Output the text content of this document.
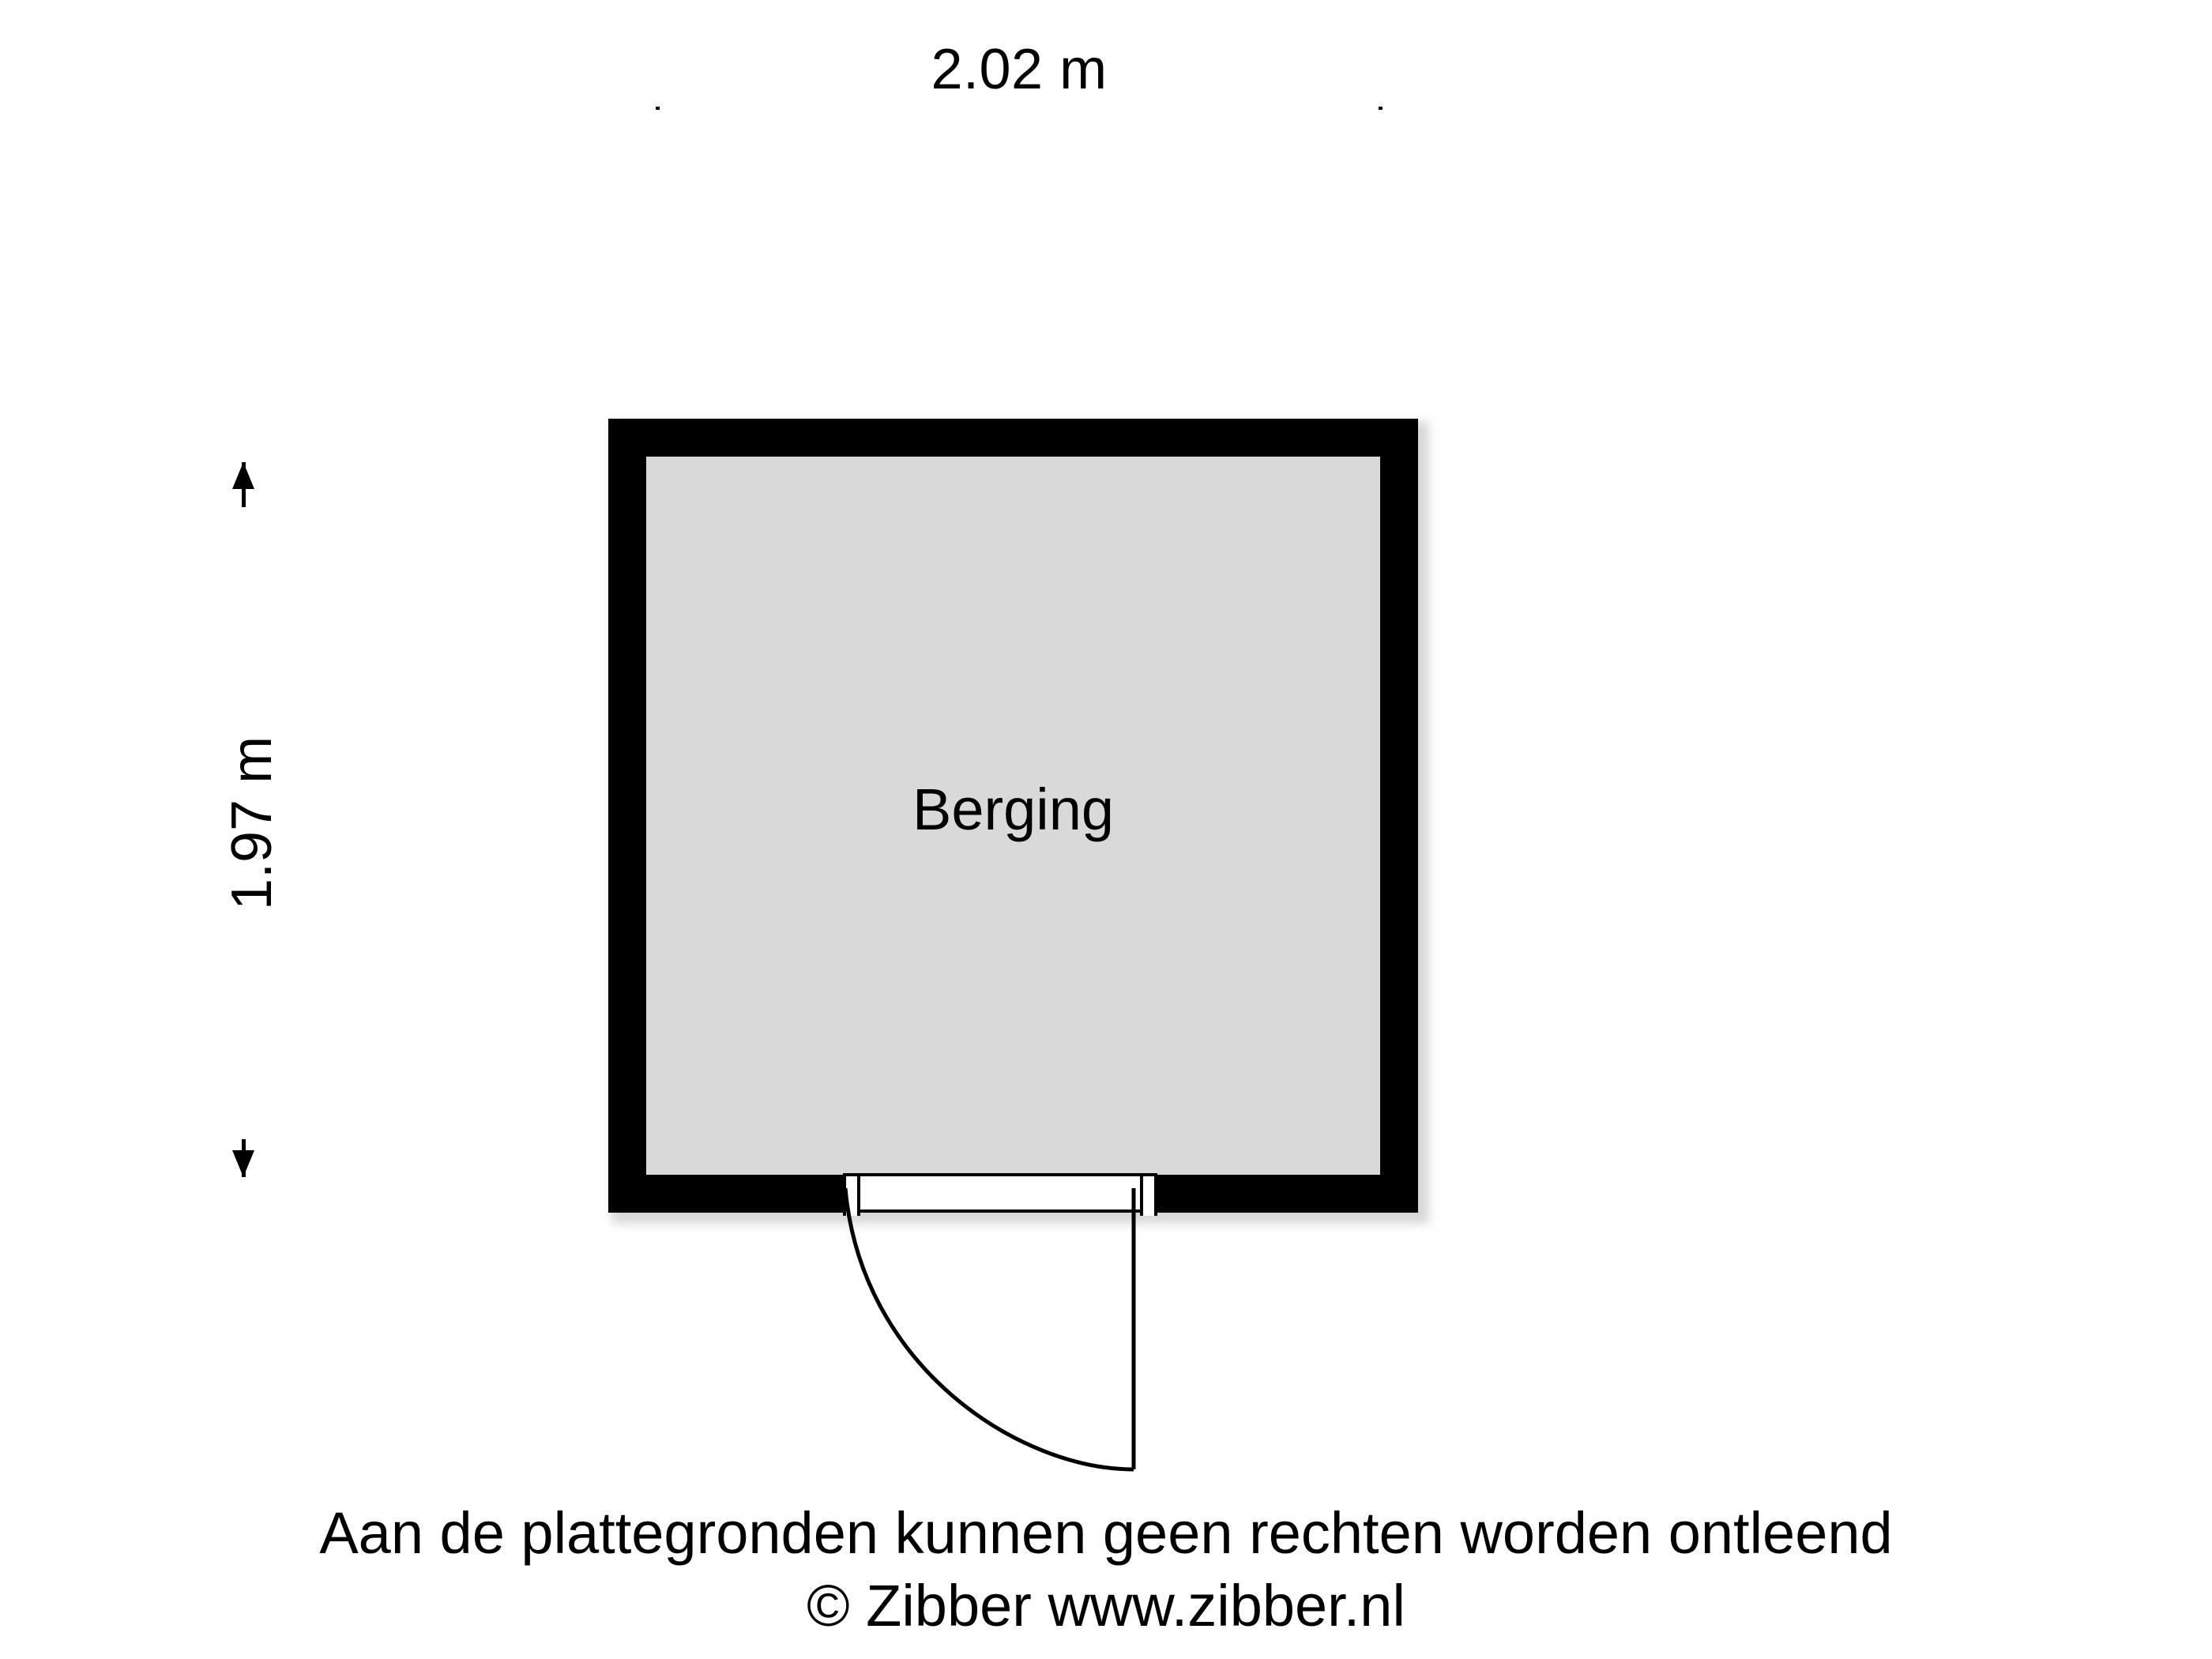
2.02 m
1.97 m	Berging
Aan de plattegronden kunnen geen rechten worden ontleend
© Zibber www.zibber.nl
